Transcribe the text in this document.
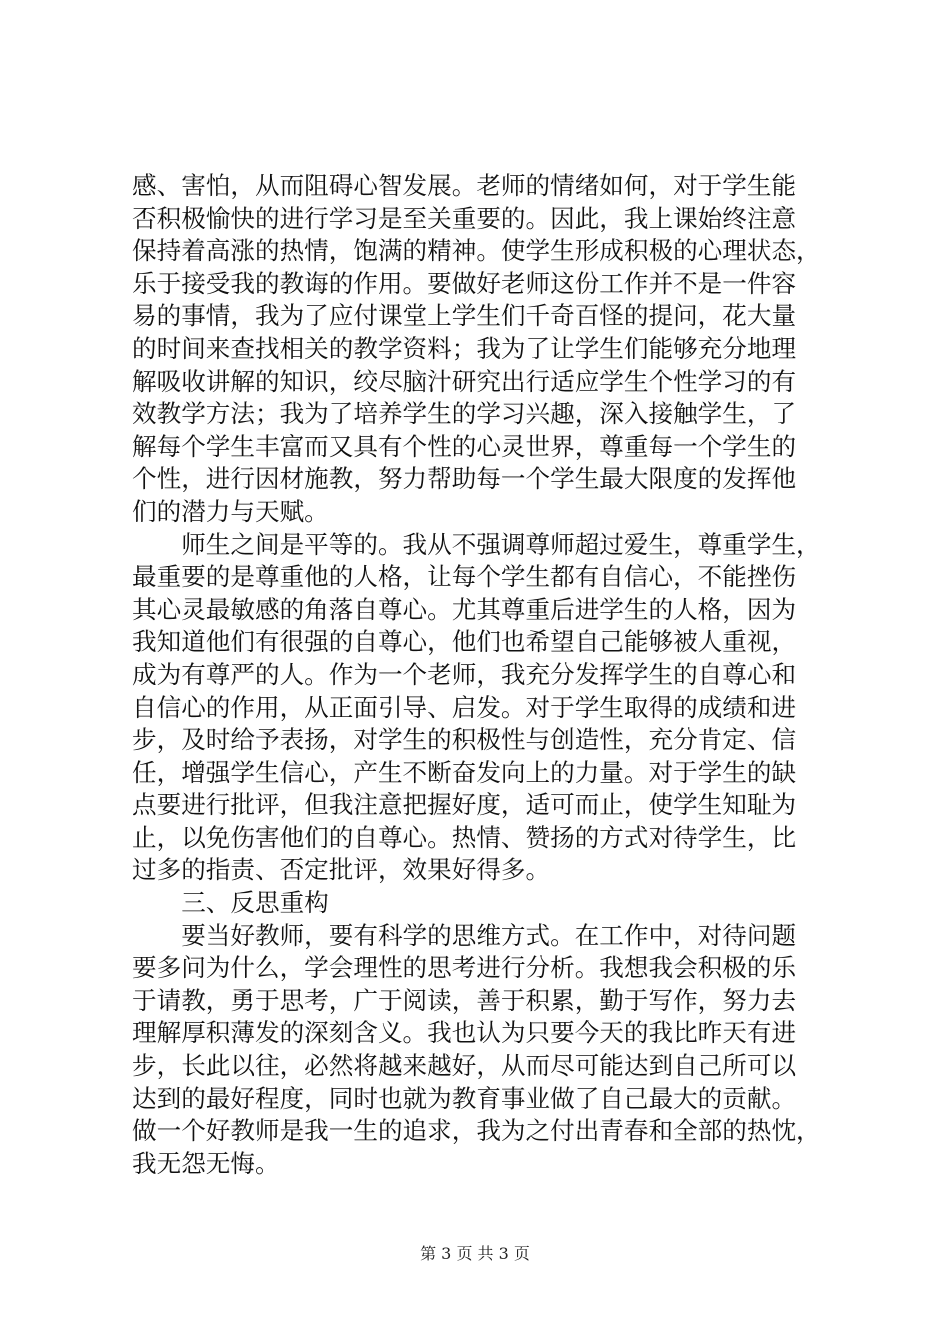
感、害怕，从而阻碍心智发展。老师的情绪如何，对于学生能
否积极愉快的进行学习是至关重要的。因此，我上课始终注意
保持着高涨的热情，饱满的精神。使学生形成积极的心理状态，
乐于接受我的教诲的作用。要做好老师这份工作并不是一件容
易的事情，我为了应付课堂上学生们千奇百怪的提问，花大量
的时间来查找相关的教学资料；我为了让学生们能够充分地理
解吸收讲解的知识，绞尽脑汁研究出行适应学生个性学习的有
效教学方法；我为了培养学生的学习兴趣，深入接触学生，了
解每个学生丰富而又具有个性的心灵世界，尊重每一个学生的
个性，进行因材施教，努力帮助每一个学生最大限度的发挥他
们的潜力与天赋。
　　师生之间是平等的。我从不强调尊师超过爱生，尊重学生，
最重要的是尊重他的人格，让每个学生都有自信心，不能挫伤
其心灵最敏感的角落自尊心。尤其尊重后进学生的人格，因为
我知道他们有很强的自尊心，他们也希望自己能够被人重视，
成为有尊严的人。作为一个老师，我充分发挥学生的自尊心和
自信心的作用，从正面引导、启发。对于学生取得的成绩和进
步，及时给予表扬，对学生的积极性与创造性，充分肯定、信
任，增强学生信心，产生不断奋发向上的力量。对于学生的缺
点要进行批评，但我注意把握好度，适可而止，使学生知耻为
止，以免伤害他们的自尊心。热情、赞扬的方式对待学生，比
过多的指责、否定批评，效果好得多。
　　三、反思重构
　　要当好教师，要有科学的思维方式。在工作中，对待问题
要多问为什么，学会理性的思考进行分析。我想我会积极的乐
于请教，勇于思考，广于阅读，善于积累，勤于写作，努力去
理解厚积薄发的深刻含义。我也认为只要今天的我比昨天有进
步，长此以往，必然将越来越好，从而尽可能达到自己所可以
达到的最好程度，同时也就为教育事业做了自己最大的贡献。
做一个好教师是我一生的追求，我为之付出青春和全部的热忱，
我无怨无悔。
第 3 页 共 3 页
